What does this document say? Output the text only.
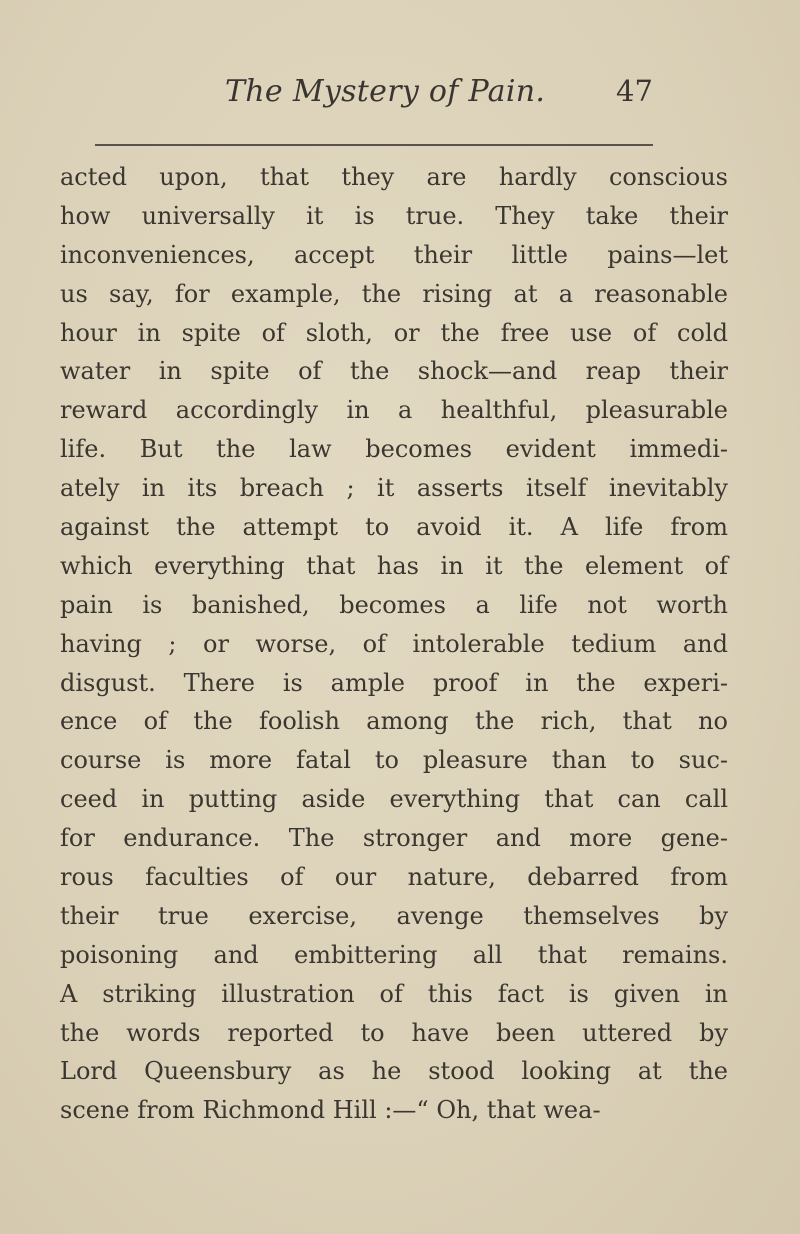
The Mystery of Pain. 47
acted upon, that they are hardly conscious
how universally it is true. They take their
inconveniences, accept their little pains—let
us say, for example, the rising at a reasonable
hour in spite of sloth, or the free use of cold
water in spite of the shock—and reap their
reward accordingly in a healthful, pleasurable
life. But the law becomes evident immedi-
ately in its breach ; it asserts itself inevitably
against the attempt to avoid it. A life from
which everything that has in it the element of
pain is banished, becomes a life not worth
having ; or worse, of intolerable tedium and
disgust. There is ample proof in the experi-
ence of the foolish among the rich, that no
course is more fatal to pleasure than to suc-
ceed in putting aside everything that can call
for endurance. The stronger and more gene-
rous faculties of our nature, debarred from
their true exercise, avenge themselves by
poisoning and embittering all that remains.
A striking illustration of this fact is given in
the words reported to have been uttered by
Lord Queensbury as he stood looking at the
scene from Richmond Hill :—“ Oh, that wea-
